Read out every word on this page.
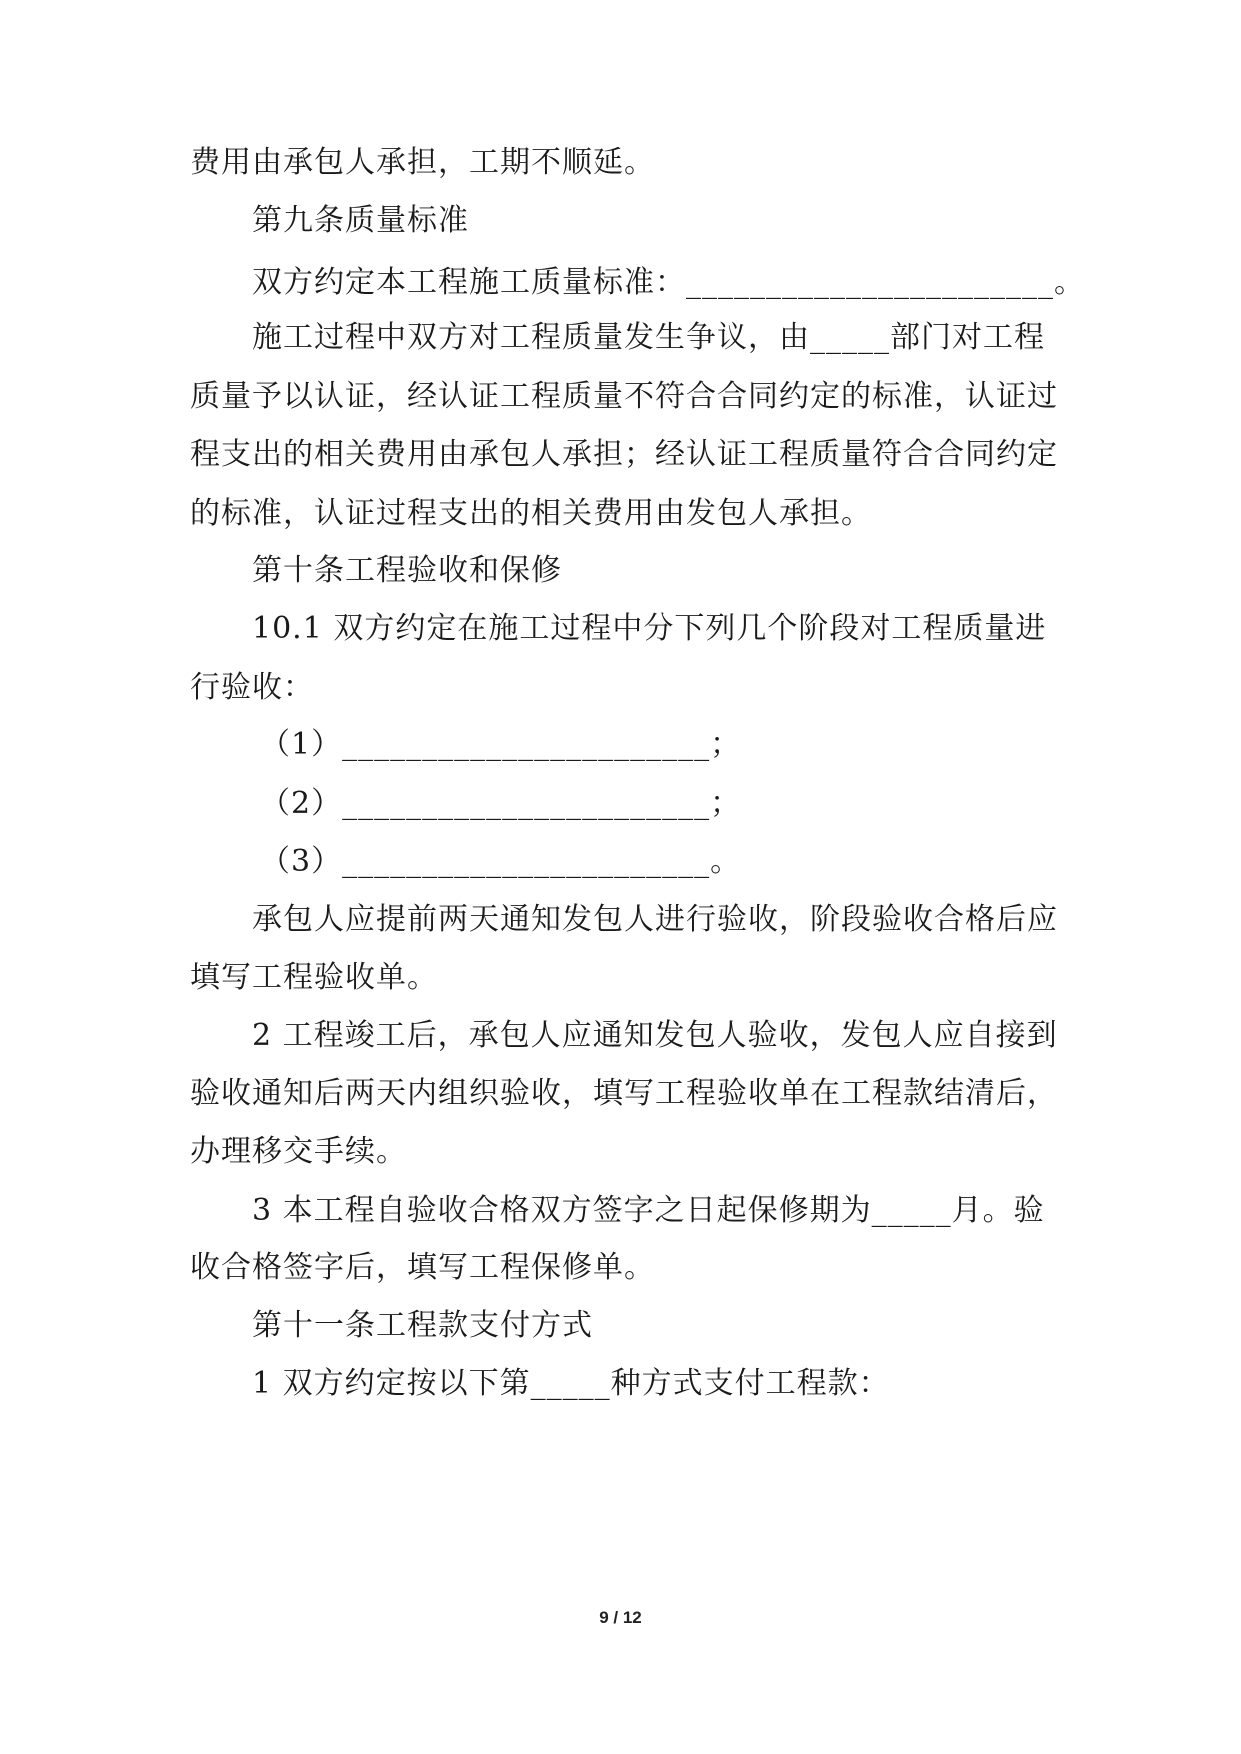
费用由承包人承担，工期不顺延。
第九条质量标准
双方约定本工程施工质量标准：_______________________。
施工过程中双方对工程质量发生争议，由_____部门对工程
质量予以认证，经认证工程质量不符合合同约定的标准，认证过
程支出的相关费用由承包人承担；经认证工程质量符合合同约定
的标准，认证过程支出的相关费用由发包人承担。
第十条工程验收和保修
10.1 双方约定在施工过程中分下列几个阶段对工程质量进
行验收：
（1）_______________________；
（2）_______________________；
（3）_______________________。
承包人应提前两天通知发包人进行验收，阶段验收合格后应
填写工程验收单。
2 工程竣工后，承包人应通知发包人验收，发包人应自接到
验收通知后两天内组织验收，填写工程验收单在工程款结清后，
办理移交手续。
3 本工程自验收合格双方签字之日起保修期为_____月。验
收合格签字后，填写工程保修单。
第十一条工程款支付方式
1 双方约定按以下第_____种方式支付工程款：
9 / 12
